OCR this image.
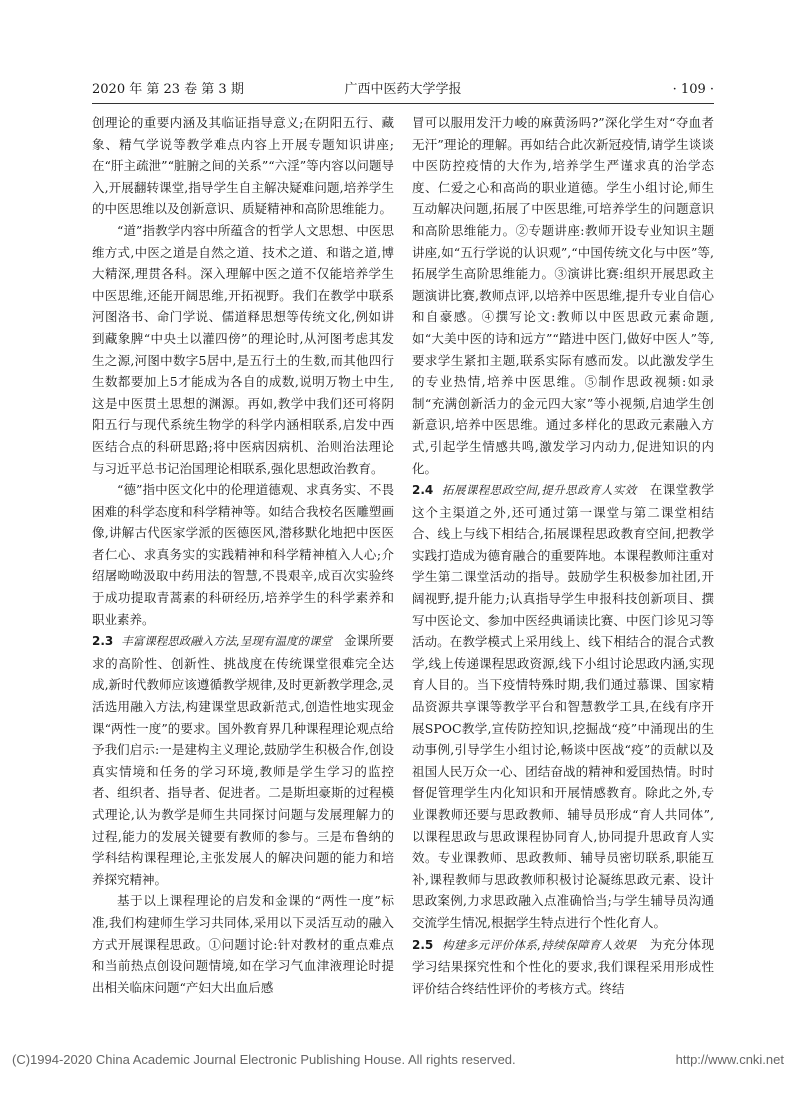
2020 年 第 23 卷 第 3 期	广西中医药大学学报	· 109 ·

创理论的重要内涵及其临证指导意义;在阴阳五行、藏象、精气学说等教学难点内容上开展专题知识讲座;在“肝主疏泄”“脏腑之间的关系”“六淫”等内容以问题导入,开展翻转课堂,指导学生自主解决疑难问题,培养学生的中医思维以及创新意识、质疑精神和高阶思维能力。

“道”指教学内容中所蕴含的哲学人文思想、中医思维方式,中医之道是自然之道、技术之道、和谐之道,博大精深,理贯各科。深入理解中医之道不仅能培养学生中医思维,还能开阔思维,开拓视野。我们在教学中联系河图洛书、命门学说、儒道释思想等传统文化,例如讲到藏象脾“中央土以灌四傍”的理论时,从河图考虑其发生之源,河图中数字5居中,是五行土的生数,而其他四行生数都要加上5才能成为各自的成数,说明万物土中生,这是中医贯土思想的渊源。再如,教学中我们还可将阴阳五行与现代系统生物学的科学内涵相联系,启发中西医结合点的科研思路;将中医病因病机、治则治法理论与习近平总书记治国理论相联系,强化思想政治教育。

“德”指中医文化中的伦理道德观、求真务实、不畏困难的科学态度和科学精神等。如结合我校名医雕塑画像,讲解古代医家学派的医德医风,潜移默化地把中医医者仁心、求真务实的实践精神和科学精神植入人心;介绍屠呦呦汲取中药用法的智慧,不畏艰辛,成百次实验终于成功提取青蒿素的科研经历,培养学生的科学素养和职业素养。

2.3 丰富课程思政融入方法,呈现有温度的课堂 金课所要求的高阶性、创新性、挑战度在传统课堂很难完全达成,新时代教师应该遵循教学规律,及时更新教学理念,灵活选用融入方法,构建课堂思政新范式,创造性地实现金课“两性一度”的要求。国外教育界几种课程理论观点给予我们启示:一是建构主义理论,鼓励学生积极合作,创设真实情境和任务的学习环境,教师是学生学习的监控者、组织者、指导者、促进者。二是斯坦豪斯的过程模式理论,认为教学是师生共同探讨问题与发展理解力的过程,能力的发展关键要有教师的参与。三是布鲁纳的学科结构课程理论,主张发展人的解决问题的能力和培养探究精神。

基于以上课程理论的启发和金课的“两性一度”标准,我们构建师生学习共同体,采用以下灵活互动的融入方式开展课程思政。①问题讨论:针对教材的重点难点和当前热点创设问题情境,如在学习气血津液理论时提出相关临床问题“产妇大出血后感

冒可以服用发汗力峻的麻黄汤吗?”深化学生对“夺血者无汗”理论的理解。再如结合此次新冠疫情,请学生谈谈中医防控疫情的大作为,培养学生严谨求真的治学态度、仁爱之心和高尚的职业道德。学生小组讨论,师生互动解决问题,拓展了中医思维,可培养学生的问题意识和高阶思维能力。②专题讲座:教师开设专业知识主题讲座,如“五行学说的认识观”,“中国传统文化与中医”等,拓展学生高阶思维能力。③演讲比赛:组织开展思政主题演讲比赛,教师点评,以培养中医思维,提升专业自信心和自豪感。④撰写论文:教师以中医思政元素命题,如“大美中医的诗和远方”“踏进中医门,做好中医人”等,要求学生紧扣主题,联系实际有感而发。以此激发学生的专业热情,培养中医思维。⑤制作思政视频:如录制“充满创新活力的金元四大家”等小视频,启迪学生创新意识,培养中医思维。通过多样化的思政元素融入方式,引起学生情感共鸣,激发学习内动力,促进知识的内化。

2.4 拓展课程思政空间,提升思政育人实效 在课堂教学这个主渠道之外,还可通过第一课堂与第二课堂相结合、线上与线下相结合,拓展课程思政教育空间,把教学实践打造成为德育融合的重要阵地。本课程教师注重对学生第二课堂活动的指导。鼓励学生积极参加社团,开阔视野,提升能力;认真指导学生申报科技创新项目、撰写中医论文、参加中医经典诵读比赛、中医门诊见习等活动。在教学模式上采用线上、线下相结合的混合式教学,线上传递课程思政资源,线下小组讨论思政内涵,实现育人目的。当下疫情特殊时期,我们通过慕课、国家精品资源共享课等教学平台和智慧教学工具,在线有序开展SPOC教学,宣传防控知识,挖掘战“疫”中涌现出的生动事例,引导学生小组讨论,畅谈中医战“疫”的贡献以及祖国人民万众一心、团结奋战的精神和爱国热情。时时督促管理学生内化知识和开展情感教育。除此之外,专业课教师还要与思政教师、辅导员形成“育人共同体”,以课程思政与思政课程协同育人,协同提升思政育人实效。专业课教师、思政教师、辅导员密切联系,职能互补,课程教师与思政教师积极讨论凝练思政元素、设计思政案例,力求思政融入点准确恰当;与学生辅导员沟通交流学生情况,根据学生特点进行个性化育人。

2.5 构建多元评价体系,持续保障育人效果 为充分体现学习结果探究性和个性化的要求,我们课程采用形成性评价结合终结性评价的考核方式。终结

(C)1994-2020 China Academic Journal Electronic Publishing House. All rights reserved.	http://www.cnki.net
